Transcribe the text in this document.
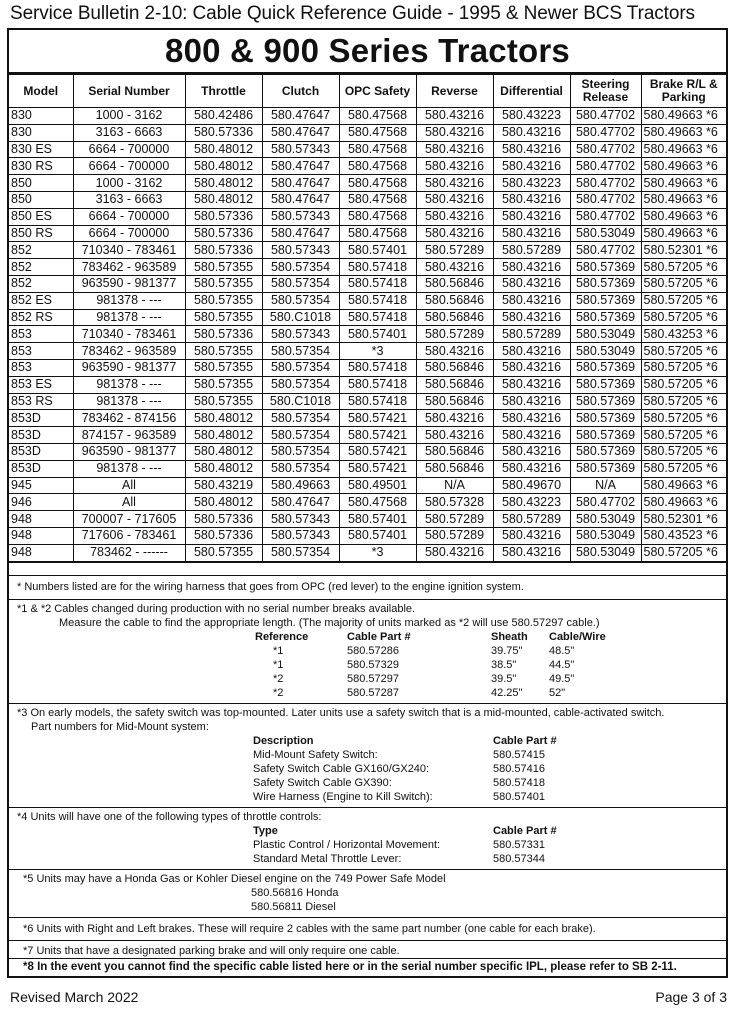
Service Bulletin 2-10: Cable Quick Reference Guide - 1995 & Newer BCS Tractors
800 & 900 Series Tractors
Model	Serial Number	Throttle	Clutch	OPC Safety	Reverse	Differential	Steering Release	Brake R/L & Parking
830	1000 - 3162	580.42486	580.47647	580.47568	580.43216	580.43223	580.47702	580.49663 *6
830	3163 - 6663	580.57336	580.47647	580.47568	580.43216	580.43216	580.47702	580.49663 *6
830 ES	6664 - 700000	580.48012	580.57343	580.47568	580.43216	580.43216	580.47702	580.49663 *6
830 RS	6664 - 700000	580.48012	580.47647	580.47568	580.43216	580.43216	580.47702	580.49663 *6
850	1000 - 3162	580.48012	580.47647	580.47568	580.43216	580.43223	580.47702	580.49663 *6
850	3163 - 6663	580.48012	580.47647	580.47568	580.43216	580.43216	580.47702	580.49663 *6
850 ES	6664 - 700000	580.57336	580.57343	580.47568	580.43216	580.43216	580.47702	580.49663 *6
850 RS	6664 - 700000	580.57336	580.47647	580.47568	580.43216	580.43216	580.53049	580.49663 *6
852	710340 - 783461	580.57336	580.57343	580.57401	580.57289	580.57289	580.47702	580.52301 *6
852	783462 - 963589	580.57355	580.57354	580.57418	580.43216	580.43216	580.57369	580.57205 *6
852	963590 - 981377	580.57355	580.57354	580.57418	580.56846	580.43216	580.57369	580.57205 *6
852 ES	981378 - ---	580.57355	580.57354	580.57418	580.56846	580.43216	580.57369	580.57205 *6
852 RS	981378 - ---	580.57355	580.C1018	580.57418	580.56846	580.43216	580.57369	580.57205 *6
853	710340 - 783461	580.57336	580.57343	580.57401	580.57289	580.57289	580.53049	580.43253 *6
853	783462 - 963589	580.57355	580.57354	*3	580.43216	580.43216	580.53049	580.57205 *6
853	963590 - 981377	580.57355	580.57354	580.57418	580.56846	580.43216	580.57369	580.57205 *6
853 ES	981378 - ---	580.57355	580.57354	580.57418	580.56846	580.43216	580.57369	580.57205 *6
853 RS	981378 - ---	580.57355	580.C1018	580.57418	580.56846	580.43216	580.57369	580.57205 *6
853D	783462 - 874156	580.48012	580.57354	580.57421	580.43216	580.43216	580.57369	580.57205 *6
853D	874157 - 963589	580.48012	580.57354	580.57421	580.43216	580.43216	580.57369	580.57205 *6
853D	963590 - 981377	580.48012	580.57354	580.57421	580.56846	580.43216	580.57369	580.57205 *6
853D	981378 - ---	580.48012	580.57354	580.57421	580.56846	580.43216	580.57369	580.57205 *6
945	All	580.43219	580.49663	580.49501	N/A	580.49670	N/A	580.49663 *6
946	All	580.48012	580.47647	580.47568	580.57328	580.43223	580.47702	580.49663 *6
948	700007 - 717605	580.57336	580.57343	580.57401	580.57289	580.57289	580.53049	580.52301 *6
948	717606 - 783461	580.57336	580.57343	580.57401	580.57289	580.43216	580.53049	580.43523 *6
948	783462 - ------	580.57355	580.57354	*3	580.43216	580.43216	580.53049	580.57205 *6
* Numbers listed are for the wiring harness that goes from OPC (red lever) to the engine ignition system.
*1 & *2 Cables changed during production with no serial number breaks available.
Measure the cable to find the appropriate length. (The majority of units marked as *2 will use 580.57297 cable.)
Reference	Cable Part #	Sheath	Cable/Wire
*1	580.57286	39.75"	48.5"
*1	580.57329	38.5"	44.5"
*2	580.57297	39.5"	49.5"
*2	580.57287	42.25"	52"
*3 On early models, the safety switch was top-mounted. Later units use a safety switch that is a mid-mounted, cable-activated switch.
Part numbers for Mid-Mount system:
Description	Cable Part #
Mid-Mount Safety Switch:	580.57415
Safety Switch Cable GX160/GX240:	580.57416
Safety Switch Cable GX390:	580.57418
Wire Harness (Engine to Kill Switch):	580.57401
*4 Units will have one of the following types of throttle controls:
Type	Cable Part #
Plastic Control / Horizontal Movement:	580.57331
Standard Metal Throttle Lever:	580.57344
*5 Units may have a Honda Gas or Kohler Diesel engine on the 749 Power Safe Model
580.56816 Honda
580.56811 Diesel
*6 Units with Right and Left brakes. These will require 2 cables with the same part number (one cable for each brake).
*7 Units that have a designated parking brake and will only require one cable.
*8 In the event you cannot find the specific cable listed here or in the serial number specific IPL, please refer to SB 2-11.
Revised March 2022	Page 3 of 3
